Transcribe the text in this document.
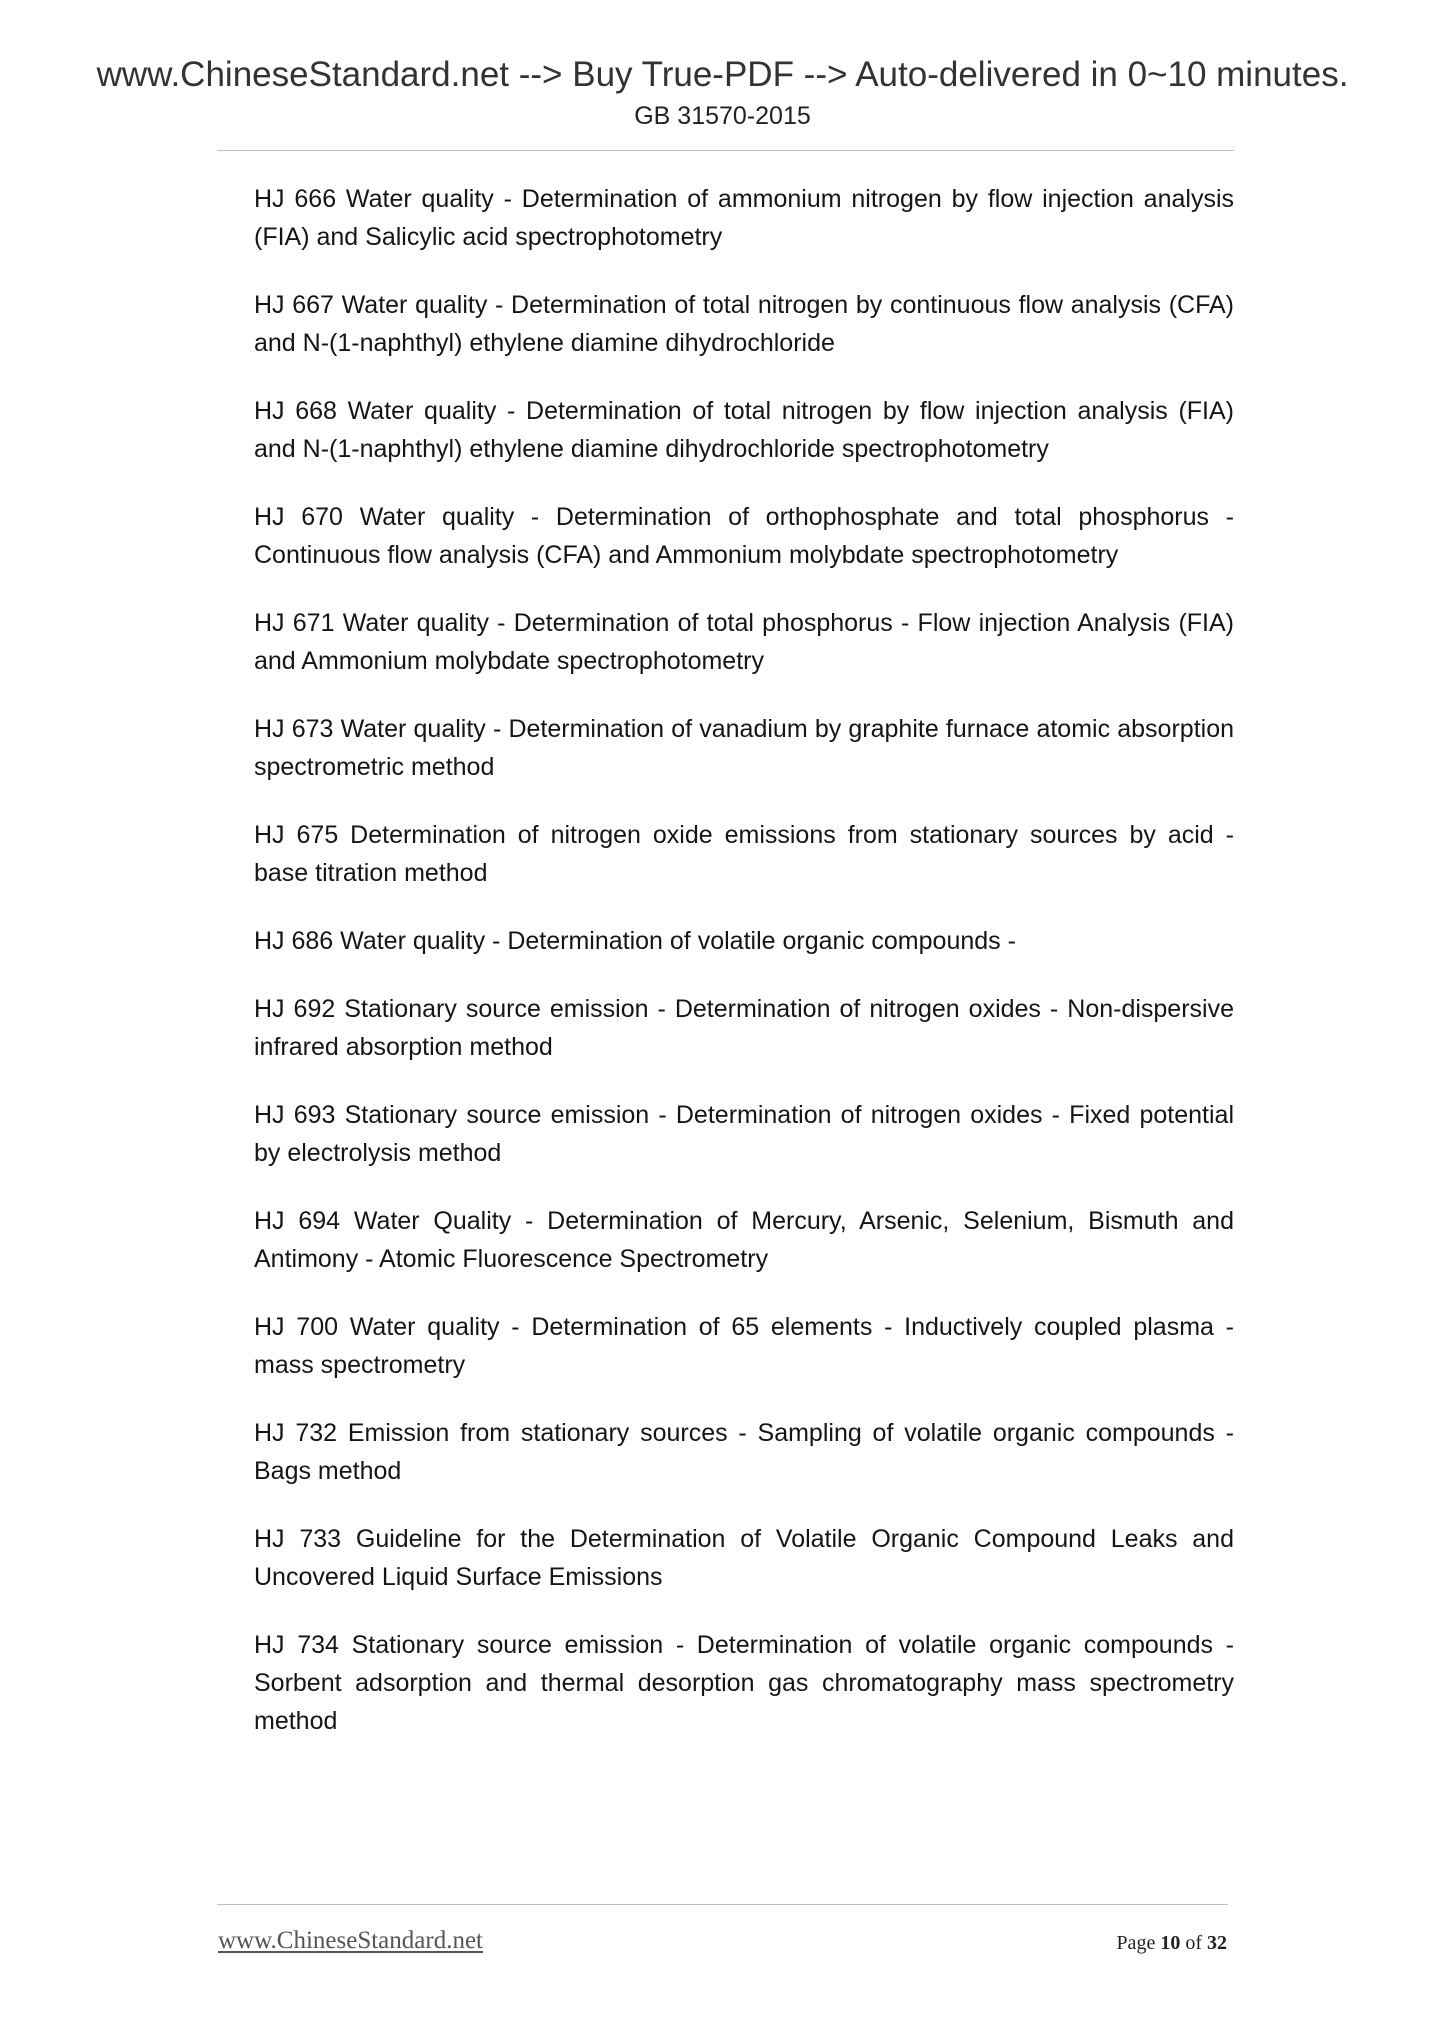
www.ChineseStandard.net --> Buy True-PDF --> Auto-delivered in 0~10 minutes.
GB 31570-2015
HJ 666 Water quality - Determination of ammonium nitrogen by flow injection analysis (FIA) and Salicylic acid spectrophotometry
HJ 667 Water quality - Determination of total nitrogen by continuous flow analysis (CFA) and N-(1-naphthyl) ethylene diamine dihydrochloride
HJ 668 Water quality - Determination of total nitrogen by flow injection analysis (FIA) and N-(1-naphthyl) ethylene diamine dihydrochloride spectrophotometry
HJ 670 Water quality - Determination of orthophosphate and total phosphorus - Continuous flow analysis (CFA) and Ammonium molybdate spectrophotometry
HJ 671 Water quality - Determination of total phosphorus - Flow injection Analysis (FIA) and Ammonium molybdate spectrophotometry
HJ 673 Water quality - Determination of vanadium by graphite furnace atomic absorption spectrometric method
HJ 675 Determination of nitrogen oxide emissions from stationary sources by acid - base titration method
HJ 686 Water quality - Determination of volatile organic compounds -
HJ 692 Stationary source emission - Determination of nitrogen oxides - Non-dispersive infrared absorption method
HJ 693 Stationary source emission - Determination of nitrogen oxides - Fixed potential by electrolysis method
HJ 694 Water Quality - Determination of Mercury, Arsenic, Selenium, Bismuth and Antimony - Atomic Fluorescence Spectrometry
HJ 700 Water quality - Determination of 65 elements - Inductively coupled plasma - mass spectrometry
HJ 732 Emission from stationary sources - Sampling of volatile organic compounds - Bags method
HJ 733 Guideline for the Determination of Volatile Organic Compound Leaks and Uncovered Liquid Surface Emissions
HJ 734 Stationary source emission - Determination of volatile organic compounds - Sorbent adsorption and thermal desorption gas chromatography mass spectrometry method
www.ChineseStandard.net	Page 10 of 32
